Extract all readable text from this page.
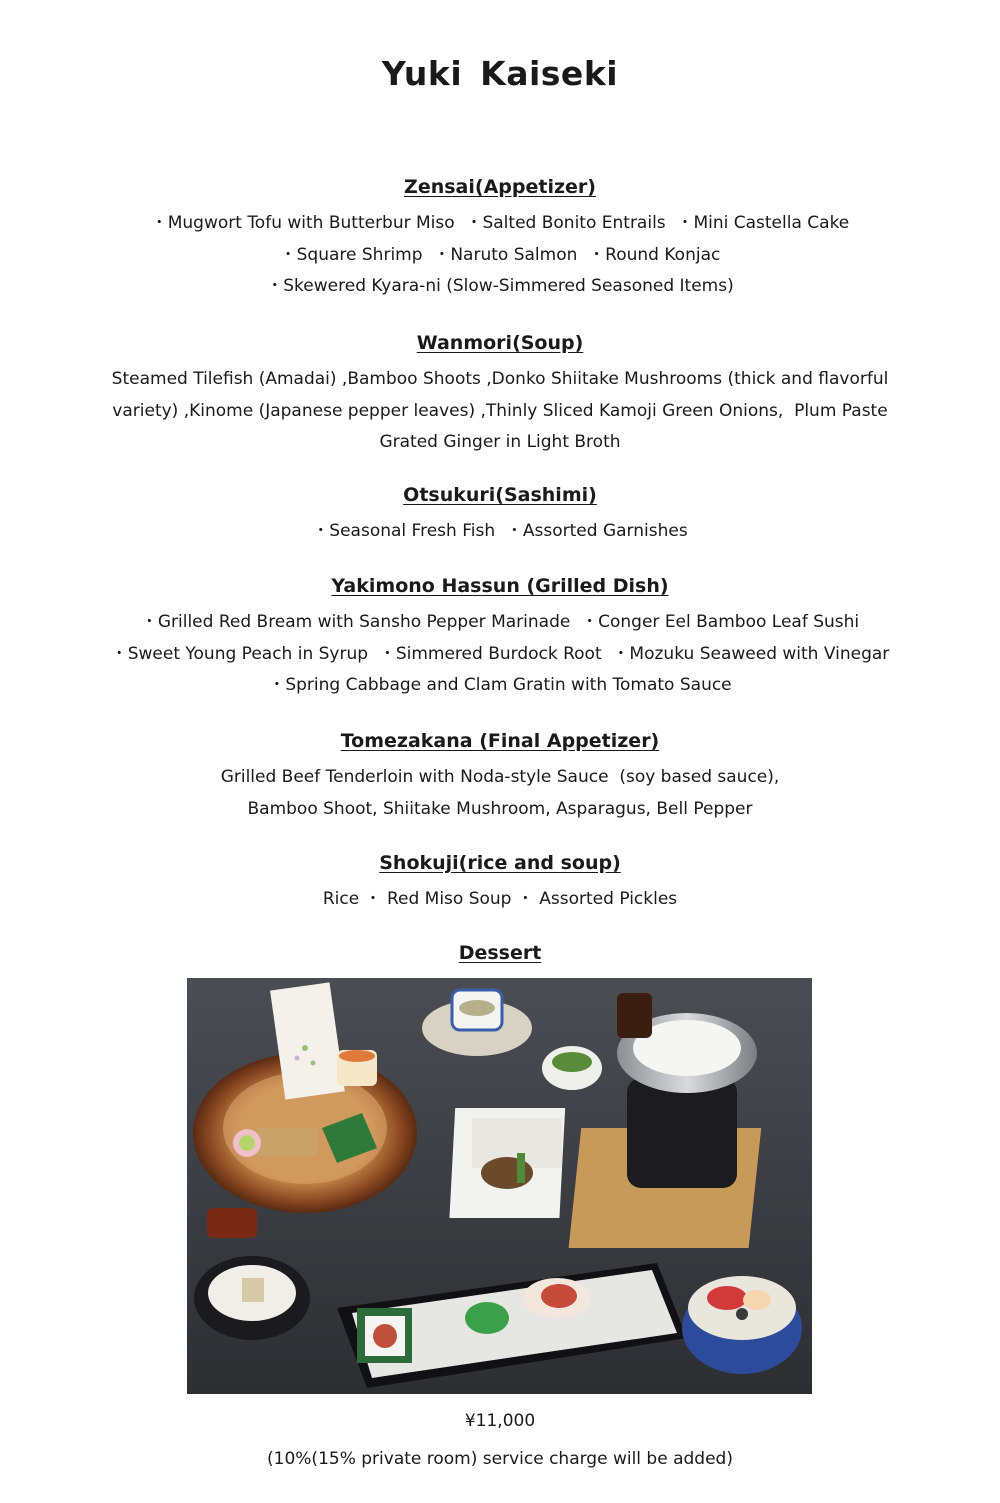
Yuki Kaiseki
Zensai(Appetizer)
・Mugwort Tofu with Butterbur Miso  ・Salted Bonito Entrails  ・Mini Castella Cake
・Square Shrimp  ・Naruto Salmon  ・Round Konjac
・Skewered Kyara-ni (Slow-Simmered Seasoned Items)
Wanmori(Soup)
Steamed Tilefish (Amadai) ,Bamboo Shoots ,Donko Shiitake Mushrooms (thick and flavorful
variety) ,Kinome (Japanese pepper leaves) ,Thinly Sliced Kamoji Green Onions,  Plum Paste
Grated Ginger in Light Broth
Otsukuri(Sashimi)
・Seasonal Fresh Fish  ・Assorted Garnishes
Yakimono Hassun (Grilled Dish)
・Grilled Red Bream with Sansho Pepper Marinade  ・Conger Eel Bamboo Leaf Sushi
・Sweet Young Peach in Syrup  ・Simmered Burdock Root  ・Mozuku Seaweed with Vinegar
・Spring Cabbage and Clam Gratin with Tomato Sauce
Tomezakana (Final Appetizer)
Grilled Beef Tenderloin with Noda-style Sauce  (soy based sauce),
Bamboo Shoot, Shiitake Mushroom, Asparagus, Bell Pepper
Shokuji(rice and soup)
Rice ・ Red Miso Soup ・ Assorted Pickles
Dessert
¥11,000
(10%(15% private room) service charge will be added)
